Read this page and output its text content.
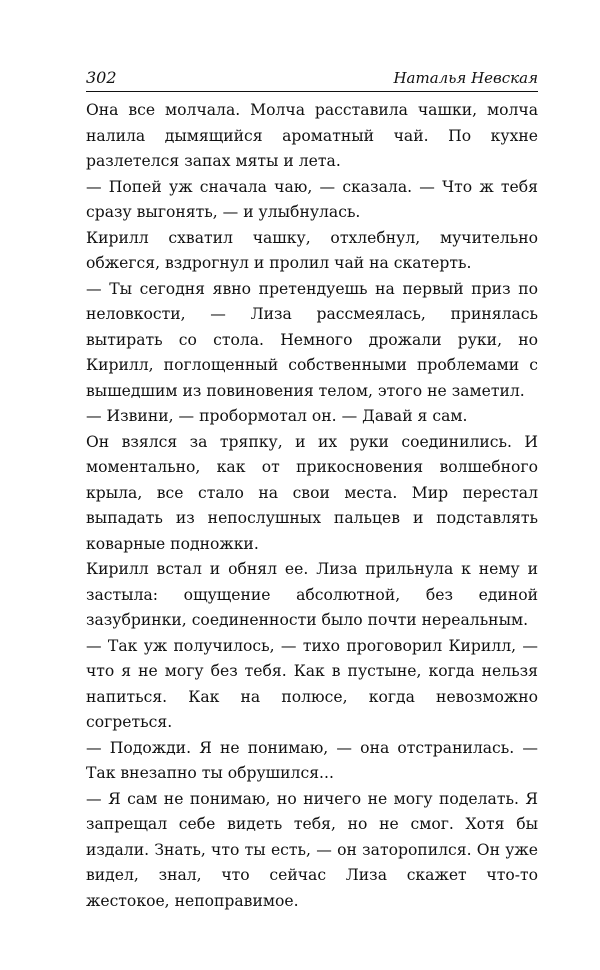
302	Наталья Невская

Она все молчала. Молча расставила чашки, молча налила дымящийся ароматный чай. По кухне разлетелся запах мяты и лета.

— Попей уж сначала чаю, — сказала. — Что ж тебя сразу выгонять, — и улыбнулась.

Кирилл схватил чашку, отхлебнул, мучительно обжегся, вздрогнул и пролил чай на скатерть.

— Ты сегодня явно претендуешь на первый приз по неловкости, — Лиза рассмеялась, принялась вытирать со стола. Немного дрожали руки, но Кирилл, поглощенный собственными проблемами с вышедшим из повиновения телом, этого не заметил.

— Извини, — пробормотал он. — Давай я сам.

Он взялся за тряпку, и их руки соединились. И моментально, как от прикосновения волшебного крыла, все стало на свои места. Мир перестал выпадать из непослушных пальцев и подставлять коварные подножки.

Кирилл встал и обнял ее. Лиза прильнула к нему и застыла: ощущение абсолютной, без единой зазубринки, соединенности было почти нереальным.

— Так уж получилось, — тихо проговорил Кирилл, — что я не могу без тебя. Как в пустыне, когда нельзя напиться. Как на полюсе, когда невозможно согреться.

— Подожди. Я не понимаю, — она отстранилась. — Так внезапно ты обрушился...

— Я сам не понимаю, но ничего не могу поделать. Я запрещал себе видеть тебя, но не смог. Хотя бы издали. Знать, что ты есть, — он заторопился. Он уже видел, знал, что сейчас Лиза скажет что-то жестокое, непоправимое.
